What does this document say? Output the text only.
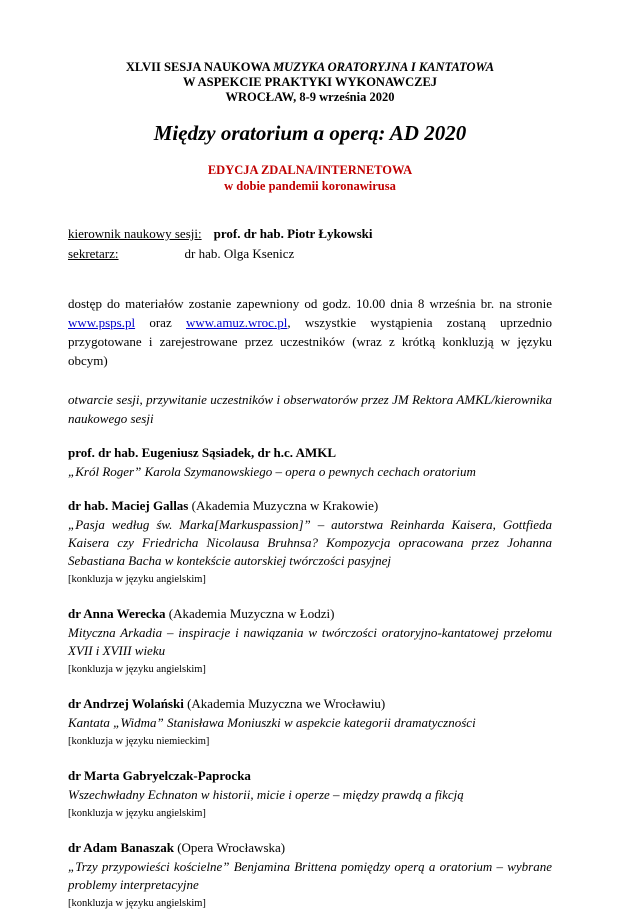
XLVII SESJA NAUKOWA MUZYKA ORATORYJNA I KANTATOWA
W ASPEKCIE PRAKTYKI WYKONAWCZEJ
WROCŁAW, 8-9 września 2020
Między oratorium a operą: AD 2020
EDYCJA ZDALNA/INTERNETOWA
w dobie pandemii koronawirusa
kierownik naukowy sesji: prof. dr hab. Piotr Łykowski
sekretarz:	dr hab. Olga Ksenicz
dostęp do materiałów zostanie zapewniony od godz. 10.00 dnia 8 września br. na stronie www.psps.pl oraz www.amuz.wroc.pl, wszystkie wystąpienia zostaną uprzednio przygotowane i zarejestrowane przez uczestników (wraz z krótką konkluzją w języku obcym)
otwarcie sesji, przywitanie uczestników i obserwatorów przez JM Rektora AMKL/kierownika naukowego sesji
prof. dr hab. Eugeniusz Sąsiadek, dr h.c. AMKL
„Król Roger” Karola Szymanowskiego – opera o pewnych cechach oratorium
dr hab. Maciej Gallas (Akademia Muzyczna w Krakowie)
„Pasja według św. Marka[Markuspassion]” – autorstwa Reinharda Kaisera, Gottfieda Kaisera czy Friedricha Nicolausa Bruhnsa? Kompozycja opracowana przez Johanna Sebastiana Bacha w kontekście autorskiej twórczości pasyjnej
[konkluzja w języku angielskim]
dr Anna Werecka (Akademia Muzyczna w Łodzi)
Mityczna Arkadia – inspiracje i nawiązania w twórczości oratoryjno-kantatowej przełomu XVII i XVIII wieku
[konkluzja w języku angielskim]
dr Andrzej Wolański (Akademia Muzyczna we Wrocławiu)
Kantata „Widma” Stanisława Moniuszki w aspekcie kategorii dramatyczności
[konkluzja w języku niemieckim]
dr Marta Gabryelczak-Paprocka
Wszechwładny Echnaton w historii, micie i operze – między prawdą a fikcją
[konkluzja w języku angielskim]
dr Adam Banaszak (Opera Wrocławska)
„Trzy przypowieści kościelne” Benjamina Brittena pomiędzy operą a oratorium – wybrane problemy interpretacyjne
[konkluzja w języku angielskim]
